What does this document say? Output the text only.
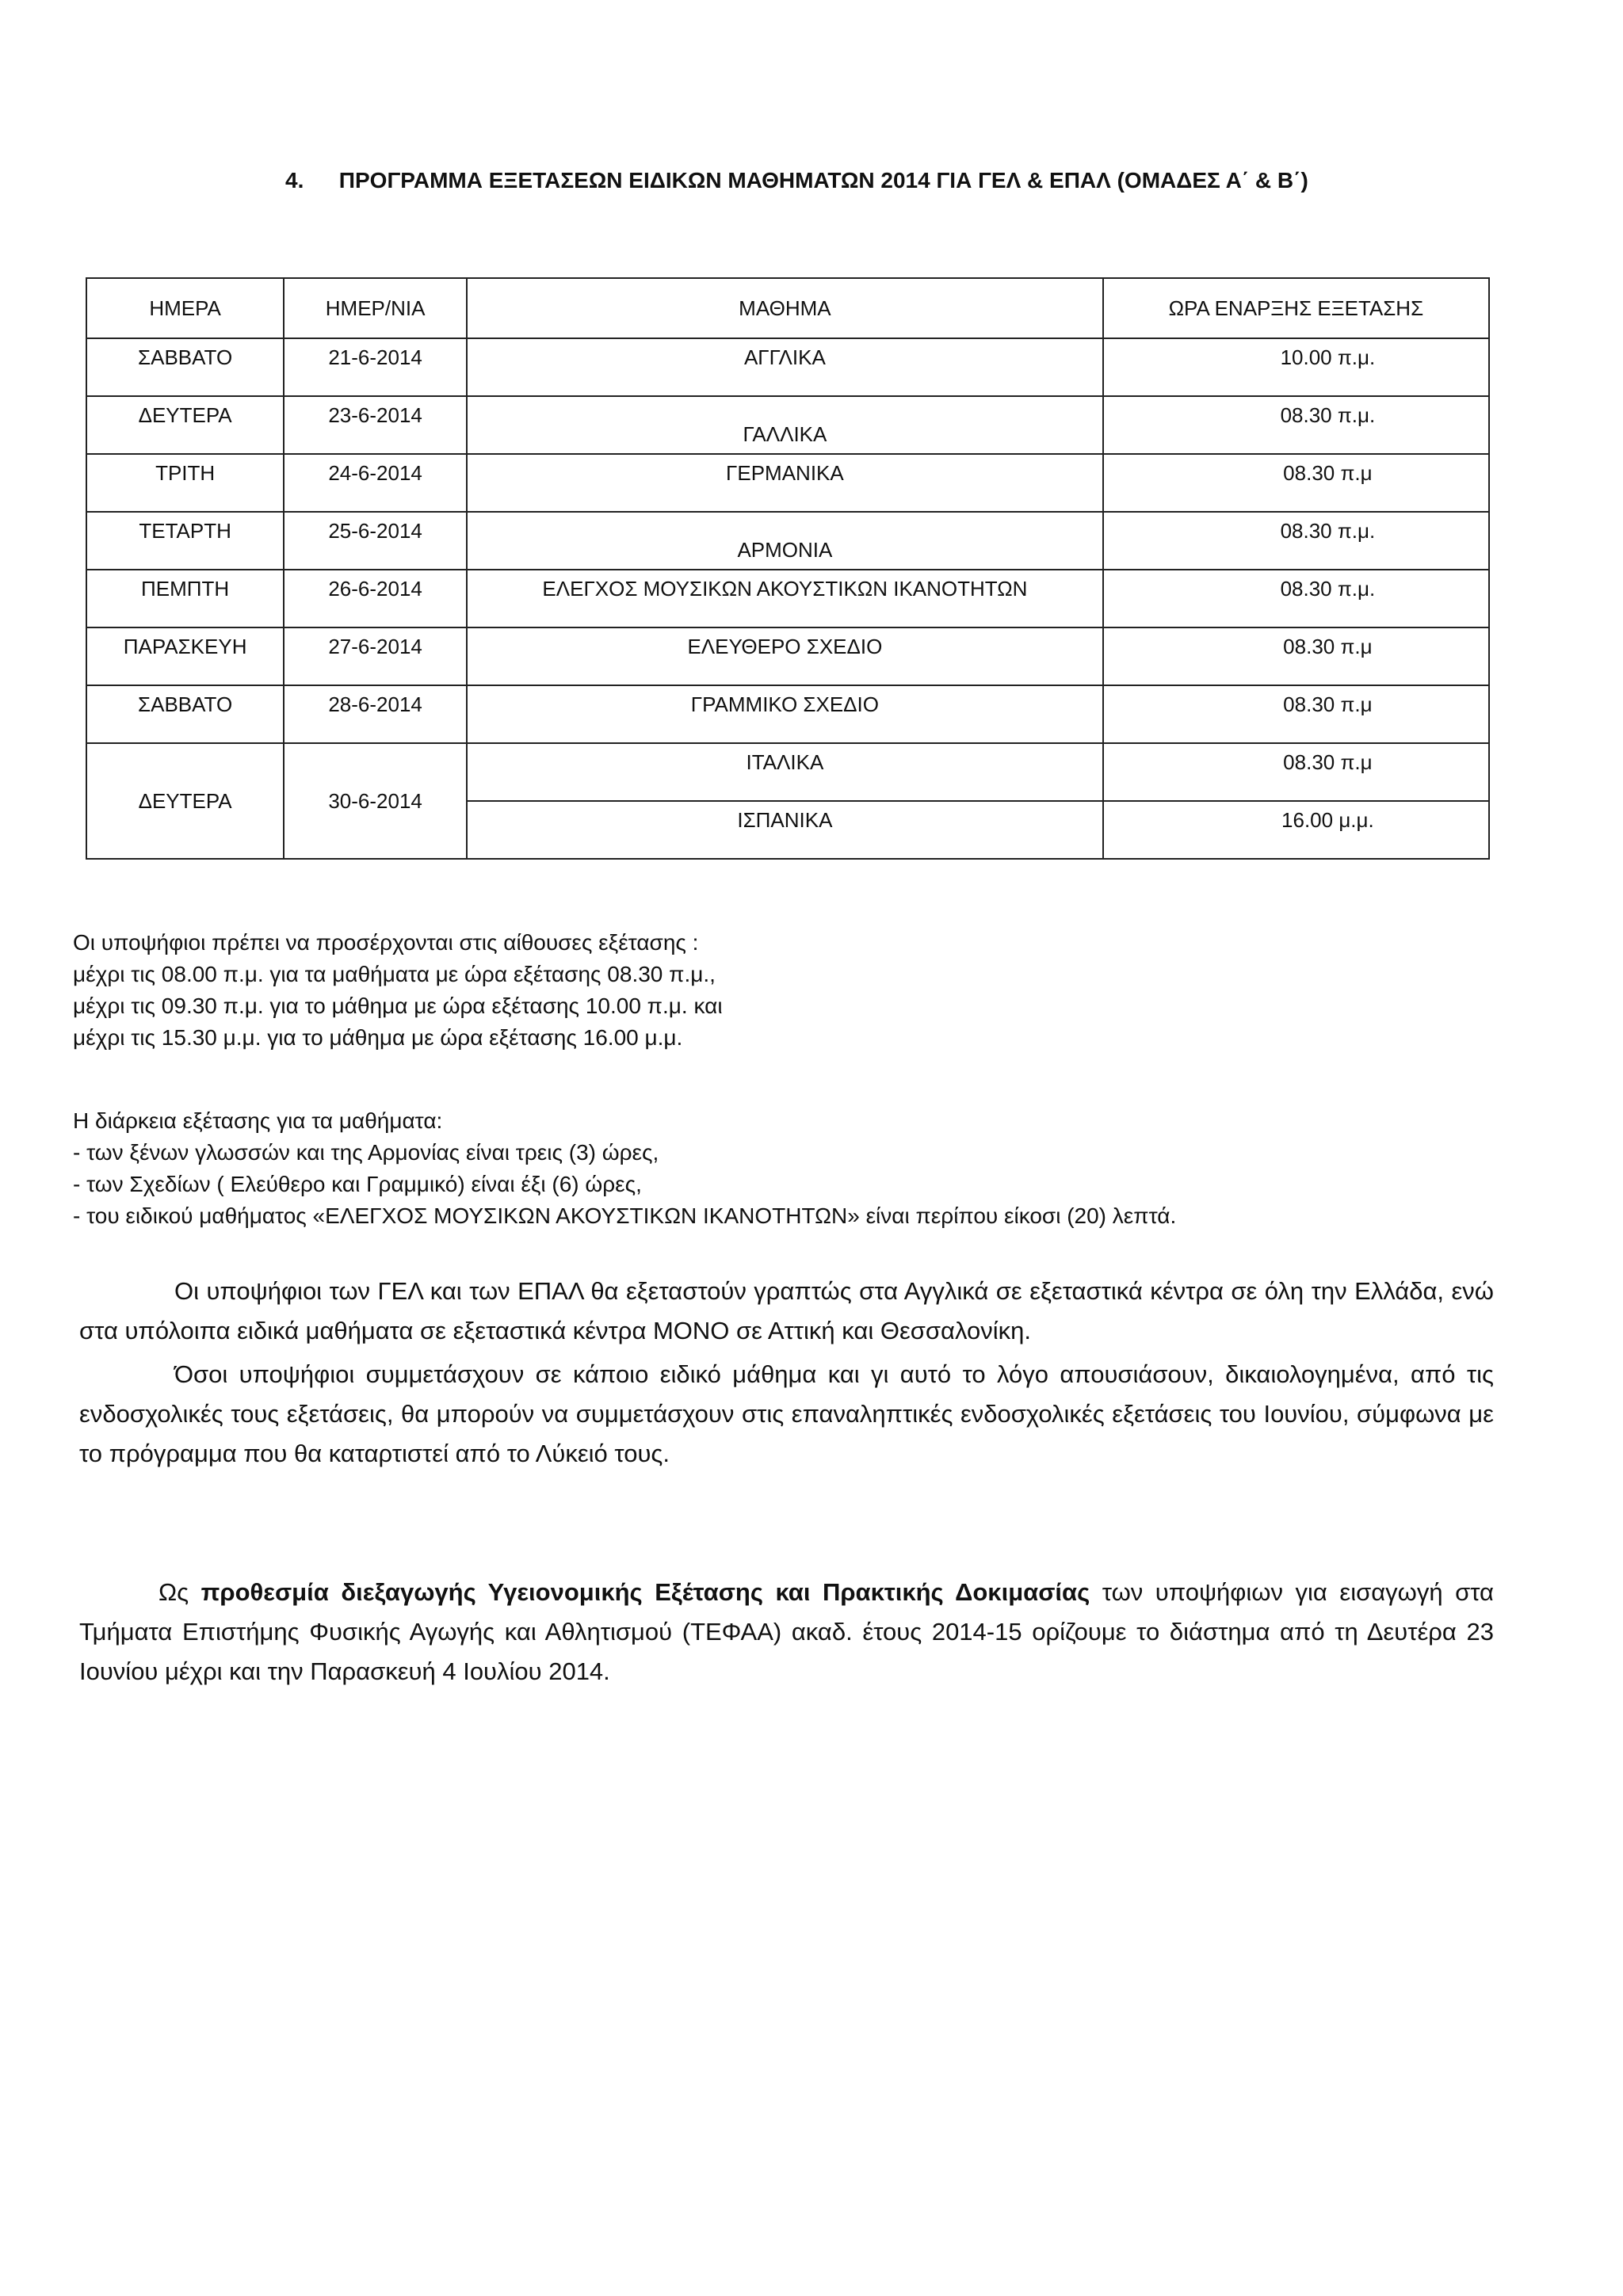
4. ΠΡΟΓΡΑΜΜΑ ΕΞΕΤΑΣΕΩΝ ΕΙΔΙΚΩΝ ΜΑΘΗΜΑΤΩΝ 2014 ΓΙΑ ΓΕΛ & ΕΠΑΛ (ΟΜΑΔΕΣ Α΄ & Β΄)
ΗΜΕΡΑ	ΗΜΕΡ/ΝΙΑ	ΜΑΘΗΜΑ	ΩΡΑ ΕΝΑΡΞΗΣ ΕΞΕΤΑΣΗΣ
ΣΑΒΒΑΤΟ	21-6-2014	ΑΓΓΛΙΚΑ	10.00 π.μ.
ΔΕΥΤΕΡΑ	23-6-2014	ΓΑΛΛΙΚΑ	08.30 π.μ.
ΤΡΙΤΗ	24-6-2014	ΓΕΡΜΑΝΙΚΑ	08.30 π.μ
ΤΕΤΑΡΤΗ	25-6-2014	ΑΡΜΟΝΙΑ	08.30 π.μ.
ΠΕΜΠΤΗ	26-6-2014	ΕΛΕΓΧΟΣ ΜΟΥΣΙΚΩΝ ΑΚΟΥΣΤΙΚΩΝ ΙΚΑΝΟΤΗΤΩΝ	08.30 π.μ.
ΠΑΡΑΣΚΕΥΗ	27-6-2014	ΕΛΕΥΘΕΡΟ ΣΧΕΔΙΟ	08.30 π.μ
ΣΑΒΒΑΤΟ	28-6-2014	ΓΡΑΜΜΙΚΟ ΣΧΕΔΙΟ	08.30 π.μ
ΔΕΥΤΕΡΑ	30-6-2014	ΙΤΑΛΙΚΑ	08.30 π.μ
		ΙΣΠΑΝΙΚΑ	16.00 μ.μ.

Οι υποψήφιοι πρέπει να προσέρχονται στις αίθουσες εξέτασης :

μέχρι τις 08.00 π.μ. για τα μαθήματα με ώρα εξέτασης 08.30 π.μ.,

μέχρι τις 09.30 π.μ. για το μάθημα με ώρα εξέτασης 10.00 π.μ. και

μέχρι τις 15.30 μ.μ. για το μάθημα με ώρα εξέτασης 16.00 μ.μ.

Η διάρκεια εξέτασης για τα μαθήματα:

- των ξένων γλωσσών και της Αρμονίας είναι τρεις (3) ώρες,

- των Σχεδίων ( Ελεύθερο και Γραμμικό) είναι έξι (6) ώρες,

- του ειδικού μαθήματος «ΕΛΕΓΧΟΣ ΜΟΥΣΙΚΩΝ ΑΚΟΥΣΤΙΚΩΝ ΙΚΑΝΟΤΗΤΩΝ» είναι περίπου είκοσι (20) λεπτά.

Οι υποψήφιοι των ΓΕΛ και των ΕΠΑΛ θα εξεταστούν γραπτώς στα Αγγλικά σε εξεταστικά κέντρα σε όλη την Ελλάδα, ενώ στα υπόλοιπα ειδικά μαθήματα σε εξεταστικά κέντρα ΜΟΝΟ σε Αττική και Θεσσαλονίκη.

Όσοι υποψήφιοι συμμετάσχουν σε κάποιο ειδικό μάθημα και γι αυτό το λόγο απουσιάσουν, δικαιολογημένα, από τις ενδοσχολικές τους εξετάσεις, θα μπορούν να συμμετάσχουν στις επαναληπτικές ενδοσχολικές εξετάσεις του Ιουνίου, σύμφωνα με το πρόγραμμα που θα καταρτιστεί από το Λύκειό τους.

Ως προθεσμία διεξαγωγής Υγειονομικής Εξέτασης και Πρακτικής Δοκιμασίας των υποψήφιων για εισαγωγή στα Τμήματα Επιστήμης Φυσικής Αγωγής και Αθλητισμού (ΤΕΦΑΑ) ακαδ. έτους 2014-15 ορίζουμε το διάστημα από τη Δευτέρα 23 Ιουνίου μέχρι και την Παρασκευή 4 Ιουλίου 2014.
